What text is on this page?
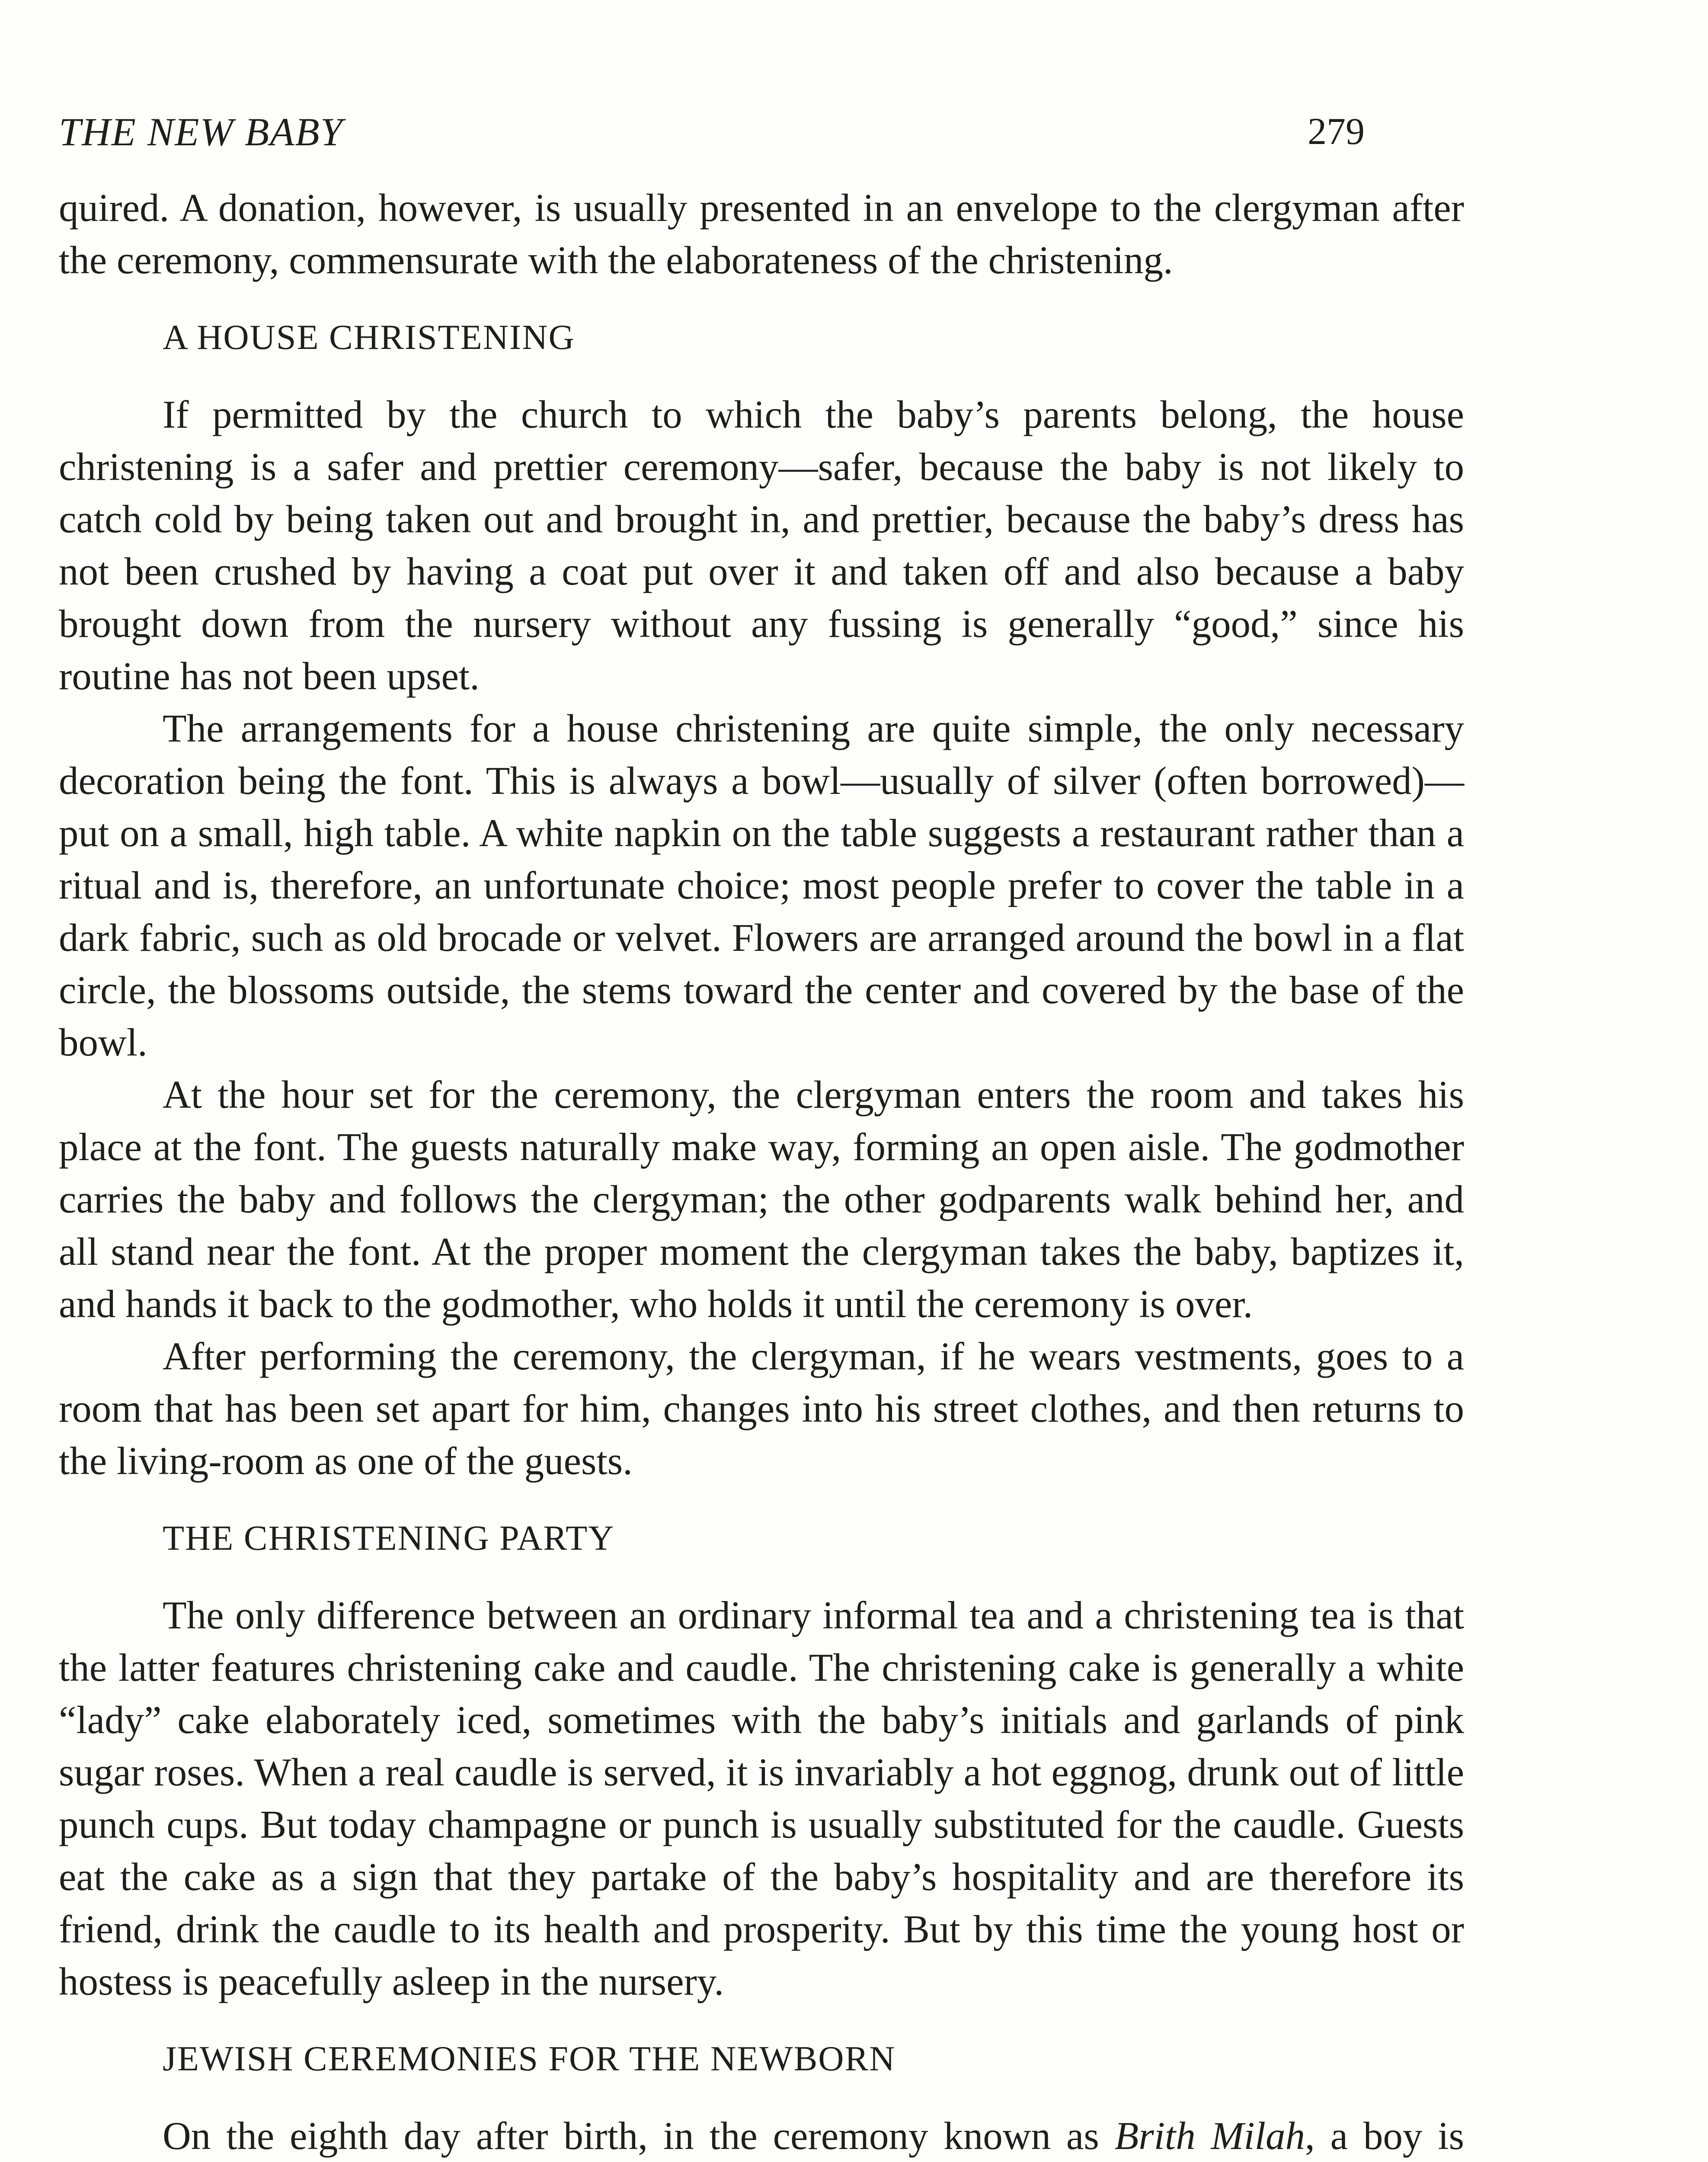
THE NEW BABY	279

quired. A donation, however, is usually presented in an envelope to the clergyman after the ceremony, commensurate with the elaborateness of the christening.

A HOUSE CHRISTENING

If permitted by the church to which the baby’s parents belong, the house christening is a safer and prettier ceremony—safer, because the baby is not likely to catch cold by being taken out and brought in, and prettier, because the baby’s dress has not been crushed by having a coat put over it and taken off and also because a baby brought down from the nursery without any fussing is generally “good,” since his routine has not been upset.

The arrangements for a house christening are quite simple, the only necessary decoration being the font. This is always a bowl—usually of silver (often borrowed)—put on a small, high table. A white napkin on the table suggests a restaurant rather than a ritual and is, therefore, an unfortunate choice; most people prefer to cover the table in a dark fabric, such as old brocade or velvet. Flowers are arranged around the bowl in a flat circle, the blossoms outside, the stems toward the center and covered by the base of the bowl.

At the hour set for the ceremony, the clergyman enters the room and takes his place at the font. The guests naturally make way, forming an open aisle. The godmother carries the baby and follows the clergyman; the other godparents walk behind her, and all stand near the font. At the proper moment the clergyman takes the baby, baptizes it, and hands it back to the godmother, who holds it until the ceremony is over.

After performing the ceremony, the clergyman, if he wears vestments, goes to a room that has been set apart for him, changes into his street clothes, and then returns to the living-room as one of the guests.

THE CHRISTENING PARTY

The only difference between an ordinary informal tea and a christening tea is that the latter features christening cake and caudle. The christening cake is generally a white “lady” cake elaborately iced, sometimes with the baby’s initials and garlands of pink sugar roses. When a real caudle is served, it is invariably a hot eggnog, drunk out of little punch cups. But today champagne or punch is usually substituted for the caudle. Guests eat the cake as a sign that they partake of the baby’s hospitality and are therefore its friend, drink the caudle to its health and prosperity. But by this time the young host or hostess is peacefully asleep in the nursery.

JEWISH CEREMONIES FOR THE NEWBORN

On the eighth day after birth, in the ceremony known as Brith Milah, a boy is
